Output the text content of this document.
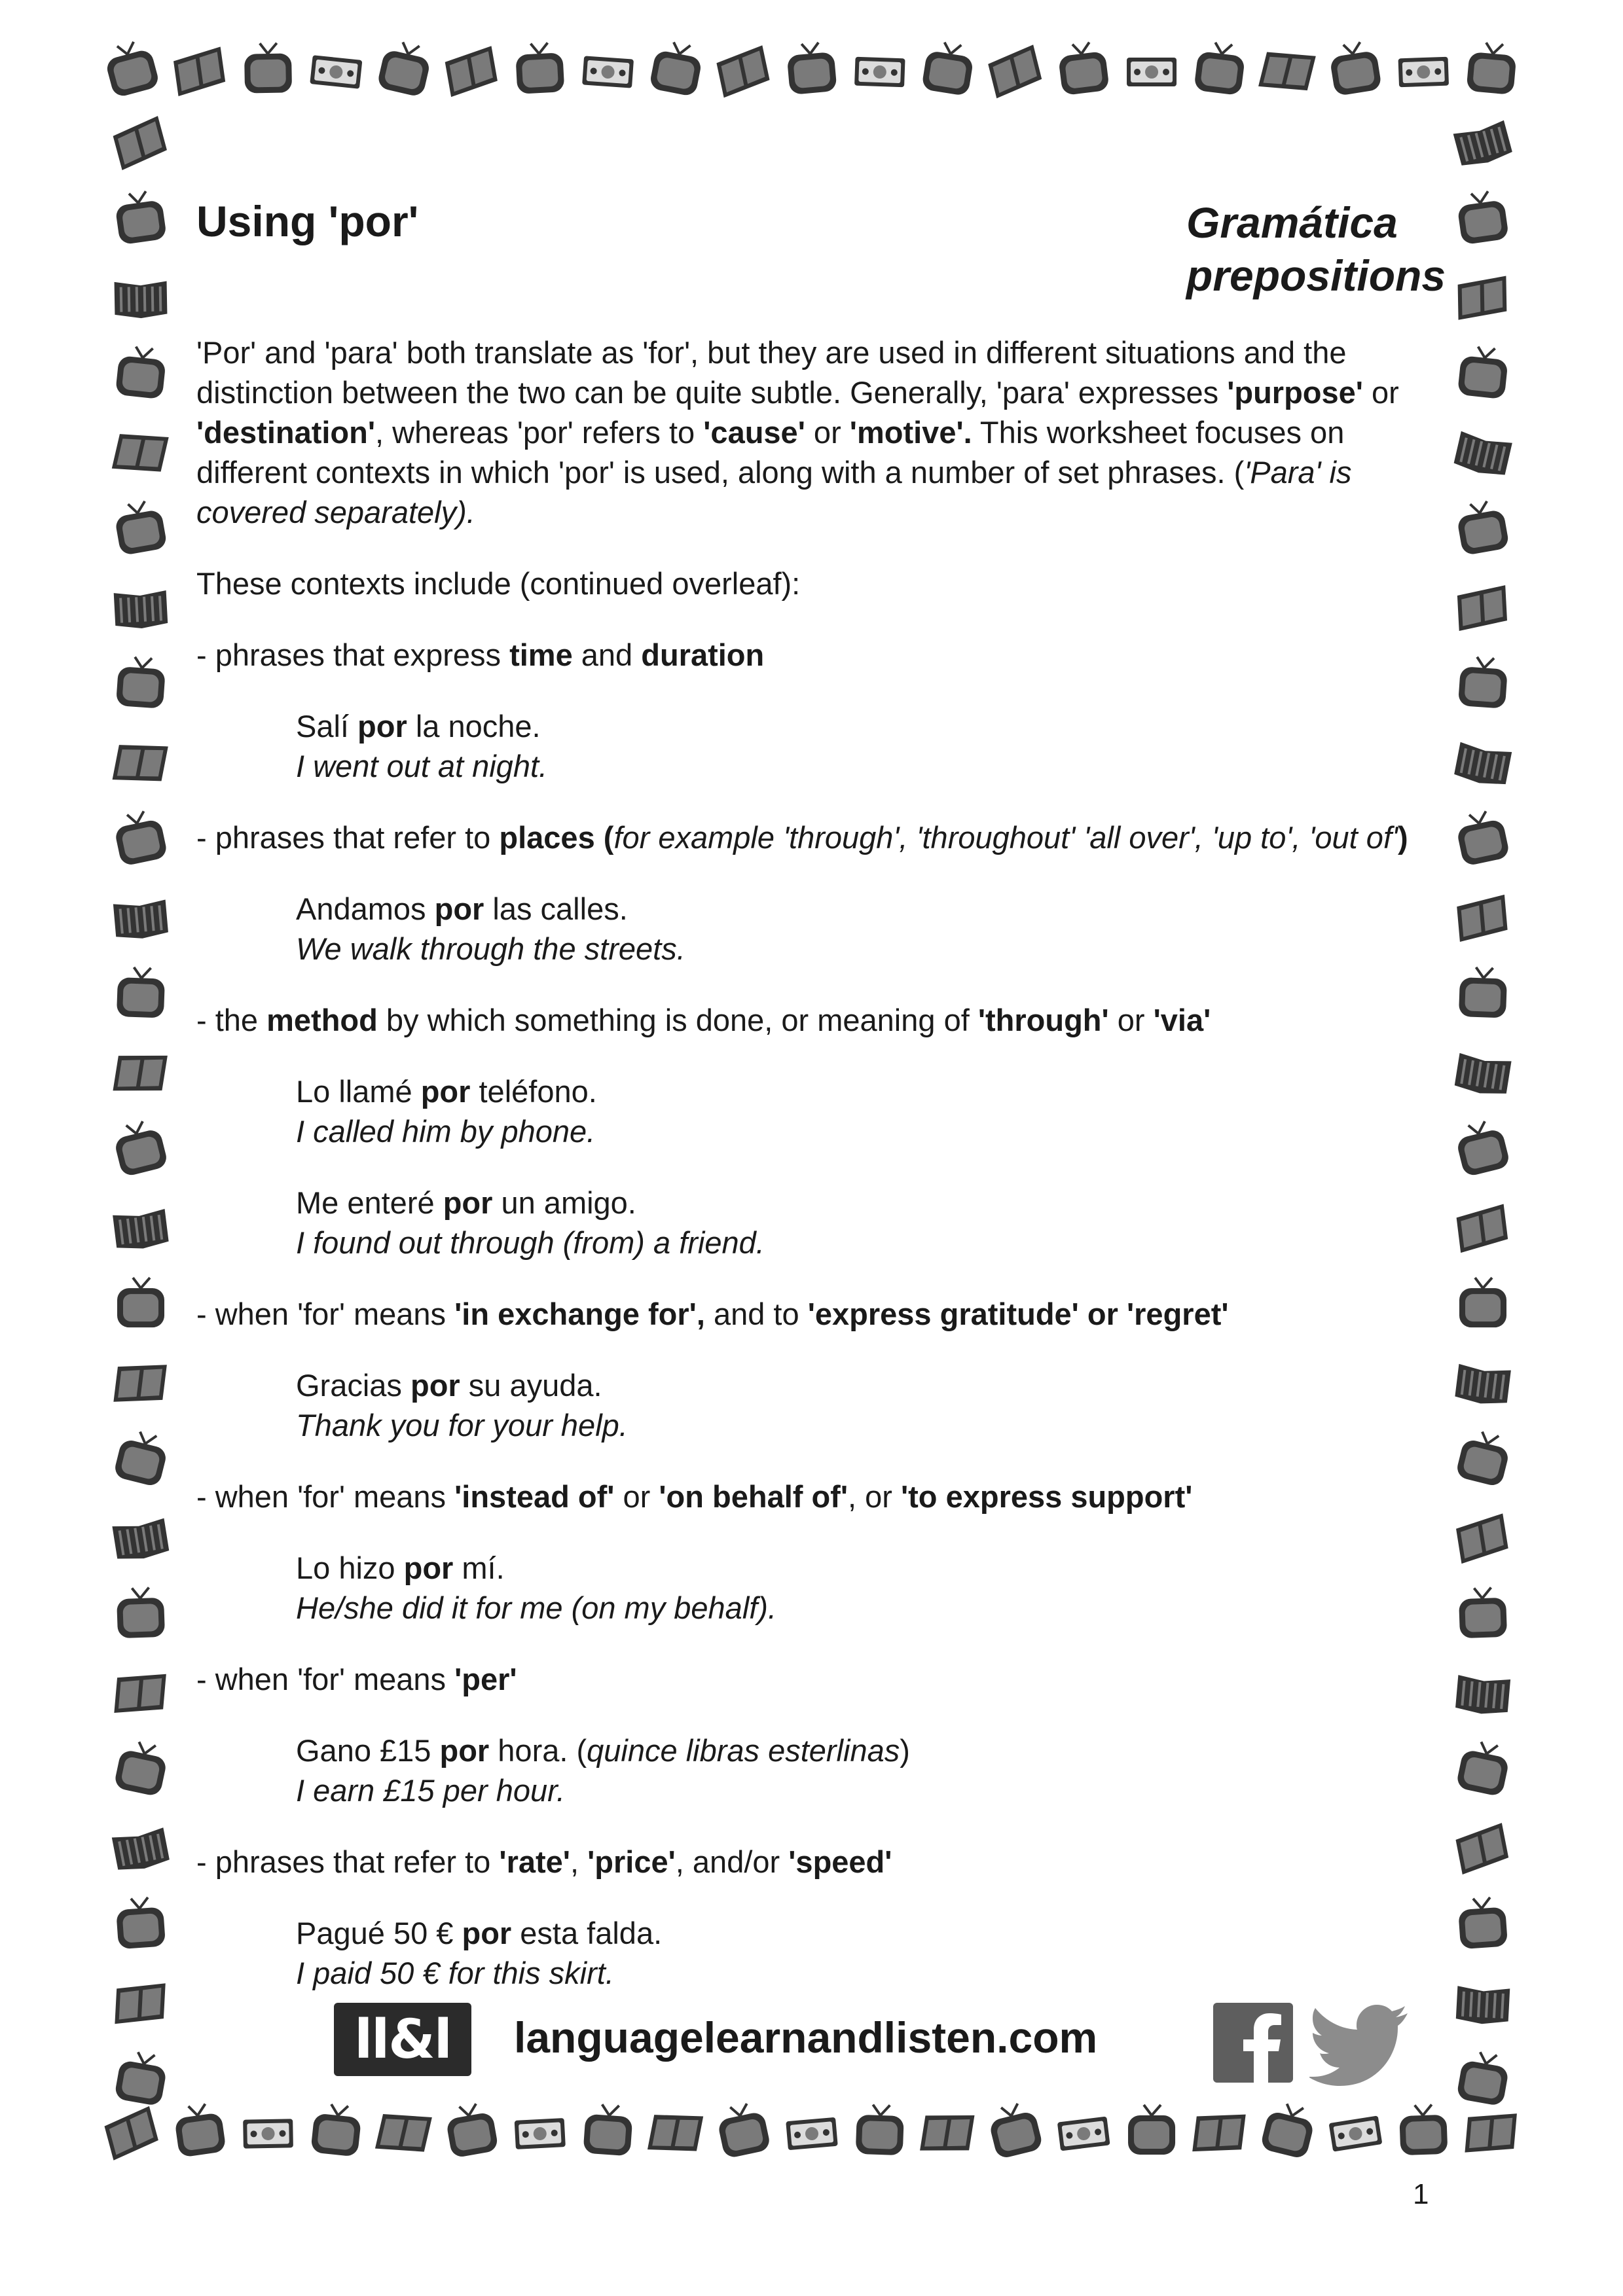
Using 'por'	Gramática
prepositions

'Por' and 'para' both translate as 'for', but they are used in different situations and the distinction between the two can be quite subtle. Generally, 'para' expresses 'purpose' or 'destination', whereas 'por' refers to 'cause' or 'motive'. This worksheet focuses on different contexts in which 'por' is used, along with a number of set phrases. ('Para' is covered separately).

These contexts include (continued overleaf):

- phrases that express time and duration

Salí por la noche.

I went out at night.

- phrases that refer to places (for example 'through', 'throughout' 'all over', 'up to', 'out of')

Andamos por las calles.

We walk through the streets.

- the method by which something is done, or meaning of 'through' or 'via'

Lo llamé por teléfono.

I called him by phone.

Me enteré por un amigo.

I found out through (from) a friend.

- when 'for' means 'in exchange for', and to 'express gratitude' or 'regret'

Gracias por su ayuda.

Thank you for your help.

- when 'for' means 'instead of' or 'on behalf of', or 'to express support'

Lo hizo por mí.

He/she did it for me (on my behalf).

- when 'for' means 'per'

Gano £15 por hora. (quince libras esterlinas)

I earn £15 per hour.

- phrases that refer to 'rate', 'price', and/or 'speed'

Pagué 50 € por esta falda.

I paid 50 € for this skirt.

ll&l languagelearnandlisten.com

1
